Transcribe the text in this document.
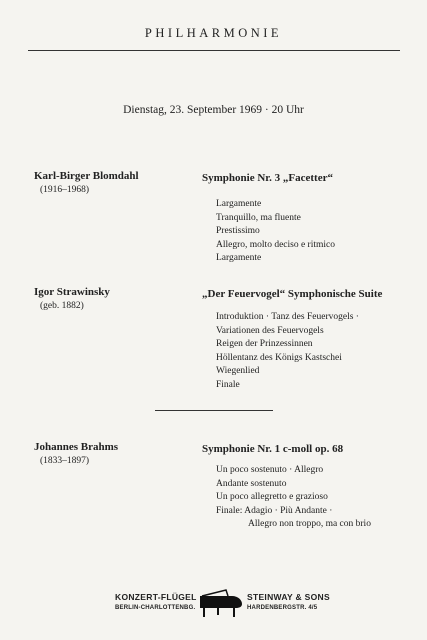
PHILHARMONIE
Dienstag, 23. September 1969 · 20 Uhr
Karl-Birger Blomdahl
(1916–1968)
Symphonie Nr. 3 „Facetter“
Largamente
Tranquillo, ma fluente
Prestissimo
Allegro, molto deciso e ritmico
Largamente
Igor Strawinsky
(geb. 1882)
„Der Feuervogel“ Symphonische Suite
Introduktion · Tanz des Feuervogels ·
Variationen des Feuervogels
Reigen der Prinzessinnen
Höllentanz des Königs Kastschei
Wiegenlied
Finale
Johannes Brahms
(1833–1897)
Symphonie Nr. 1 c-moll op. 68
Un poco sostenuto · Allegro
Andante sostenuto
Un poco allegretto e grazioso
Finale: Adagio · Più Andante ·
Allegro non troppo, ma con brio
KONZERT-FLÜGEL
BERLIN-CHARLOTTENBG.
STEINWAY & SONS
HARDENBERGSTR. 4/5
